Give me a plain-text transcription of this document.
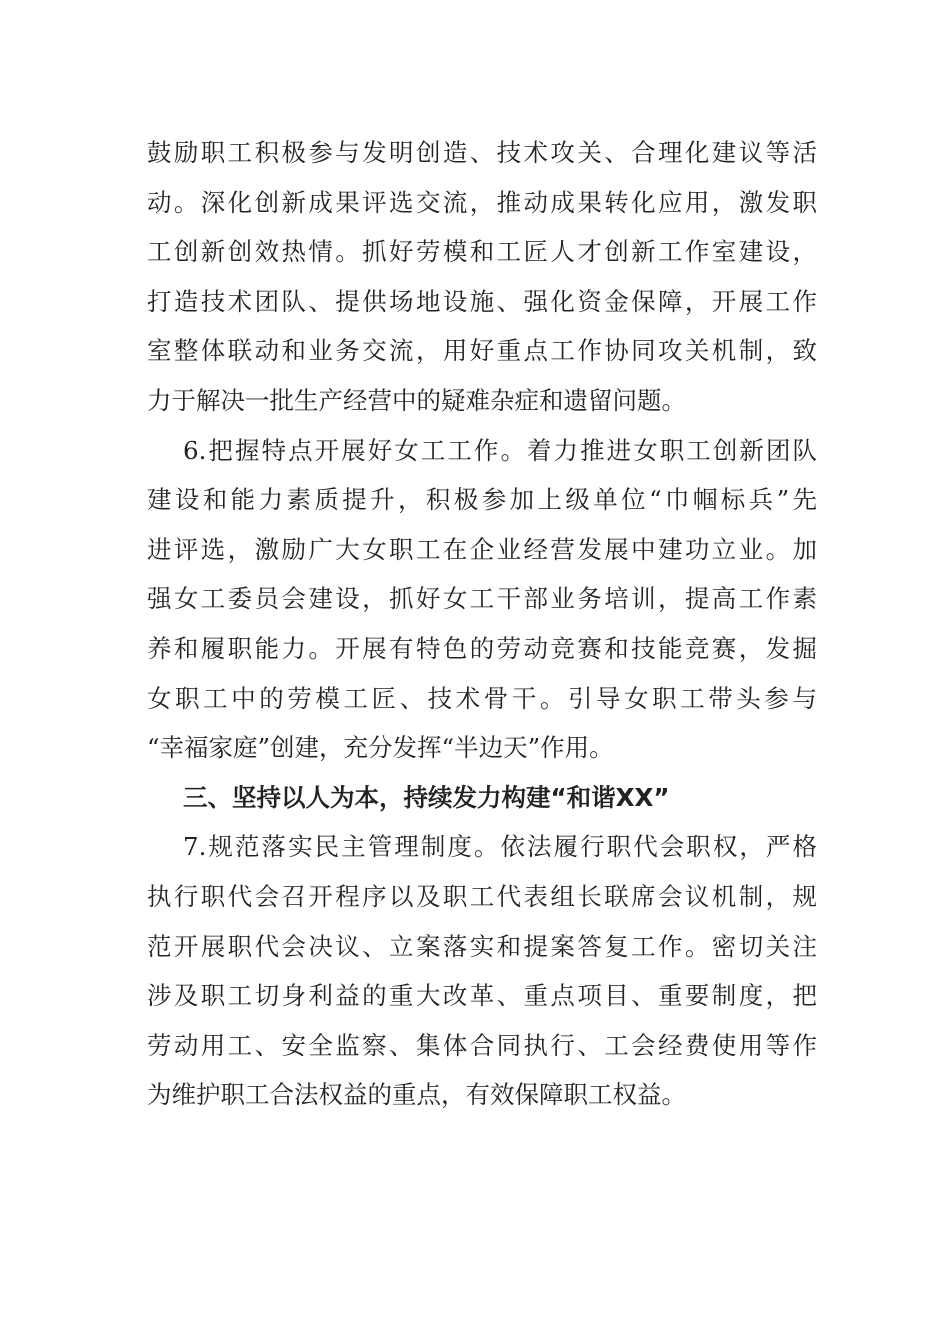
鼓励职工积极参与发明创造、技术攻关、合理化建议等活
动。深化创新成果评选交流，推动成果转化应用，激发职
工创新创效热情。抓好劳模和工匠人才创新工作室建设，
打造技术团队、提供场地设施、强化资金保障，开展工作
室整体联动和业务交流，用好重点工作协同攻关机制，致
力于解决一批生产经营中的疑难杂症和遗留问题。
6.把握特点开展好女工工作。着力推进女职工创新团队
建设和能力素质提升，积极参加上级单位“巾帼标兵”先
进评选，激励广大女职工在企业经营发展中建功立业。加
强女工委员会建设，抓好女工干部业务培训，提高工作素
养和履职能力。开展有特色的劳动竞赛和技能竞赛，发掘
女职工中的劳模工匠、技术骨干。引导女职工带头参与
“幸福家庭”创建，充分发挥“半边天”作用。
三、坚持以人为本，持续发力构建“和谐XX”
7.规范落实民主管理制度。依法履行职代会职权，严格
执行职代会召开程序以及职工代表组长联席会议机制，规
范开展职代会决议、立案落实和提案答复工作。密切关注
涉及职工切身利益的重大改革、重点项目、重要制度，把
劳动用工、安全监察、集体合同执行、工会经费使用等作
为维护职工合法权益的重点，有效保障职工权益。
